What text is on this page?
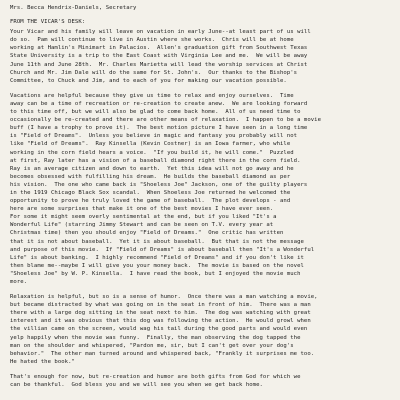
Mrs. Becca Hendrix-Daniels, Secretary
FROM THE VICAR'S DESK:
Your Vicar and his family will leave on vacation in early June--at least part of us will
do so.  Pam will continue to live in Austin where she works.  Chris will be at home
working at Hamlin's Minimart in Palacios.  Allen's graduation gift from Southwest Texas
State University is a trip to the East Coast with Virginia Lee and me.  We will be away
June 11th and June 28th.  Mr. Charles Marietta will lead the worship services at Christ
Church and Mr. Jim Dale will do the same for St. John's.  Our thanks to the Bishop's
Committee, to Chuck and Jim, and to each of you for making our vacation possible.
Vacations are helpful because they give us time to relax and enjoy ourselves.  Time
away can be a time of recreation or re-creation to create anew.  We are looking forward
to this time off, but we will also be glad to come back home.  All of us need time to
occasionally be re-created and there are other means of relaxation.  I happen to be a movie
buff (I have a trophy to prove it).  The best motion picture I have seen in a long time
is "Field of Dreams".  Unless you believe in magic and fantasy you probably will not
like "Field of Dreams".  Ray Kinsella (Kevin Costner) is an Iowa farmer, who while
working in the corn field hears a voice.  "If you build it, he will come."  Puzzled
at first, Ray later has a vision of a baseball diamond right there in the corn field.
Ray is an average citizen and down to earth.  Yet this idea will not go away and he
becomes obsessed with fulfilling his dream.  He builds the baseball diamond as per
his vision.  The one who came back is "Shoeless Joe" Jackson, one of the guilty players
in the 1919 Chicago Black Sox scandal.  When Shoeless Joe returned he welcomed the
opportunity to prove he truly loved the game of baseball.  The plot develops - and
here are some surprises that make it one of the best movies I have ever seen.
For some it might seem overly sentimental at the end, but if you liked "It's a
Wonderful Life" (starring Jimmy Stewart and can be seen on T.V. every year at
Christmas time) then you should enjoy "Field of Dreams."  One critic has written
that it is not about baseball.  Yet it is about baseball.  But that is not the message
and purpose of this movie.  If "Field of Dreams" is about baseball then "It's a Wonderful
Life" is about banking.  I highly recommend "Field of Dreams" and if you don't like it
then blame me--maybe I will give you your money back.  The movie is based on the novel
"Shoeless Joe" by W. P. Kinsella.  I have read the book, but I enjoyed the movie much
more.
Relaxation is helpful, but so is a sense of humor.  Once there was a man watching a movie,
but became distracted by what was going on in the seat in front of him.  There was a man
there with a large dog sitting in the seat next to him.  The dog was watching with great
interest and it was obvious that this dog was following the action.  He would growl when
the villian came on the screen, would wag his tail during the good parts and would even
yelp happily when the movie was funny.  Finally, the man observing the dog tapped the
man on the shoulder and whispered, "Pardon me, sir, but I can't get over your dog's
behavior."  The other man turned around and whispered back, "Frankly it surprises me too.
He hated the book."
That's enough for now, but re-creation and humor are both gifts from God for which we
can be thankful.  God bless you and we will see you when we get back home.
